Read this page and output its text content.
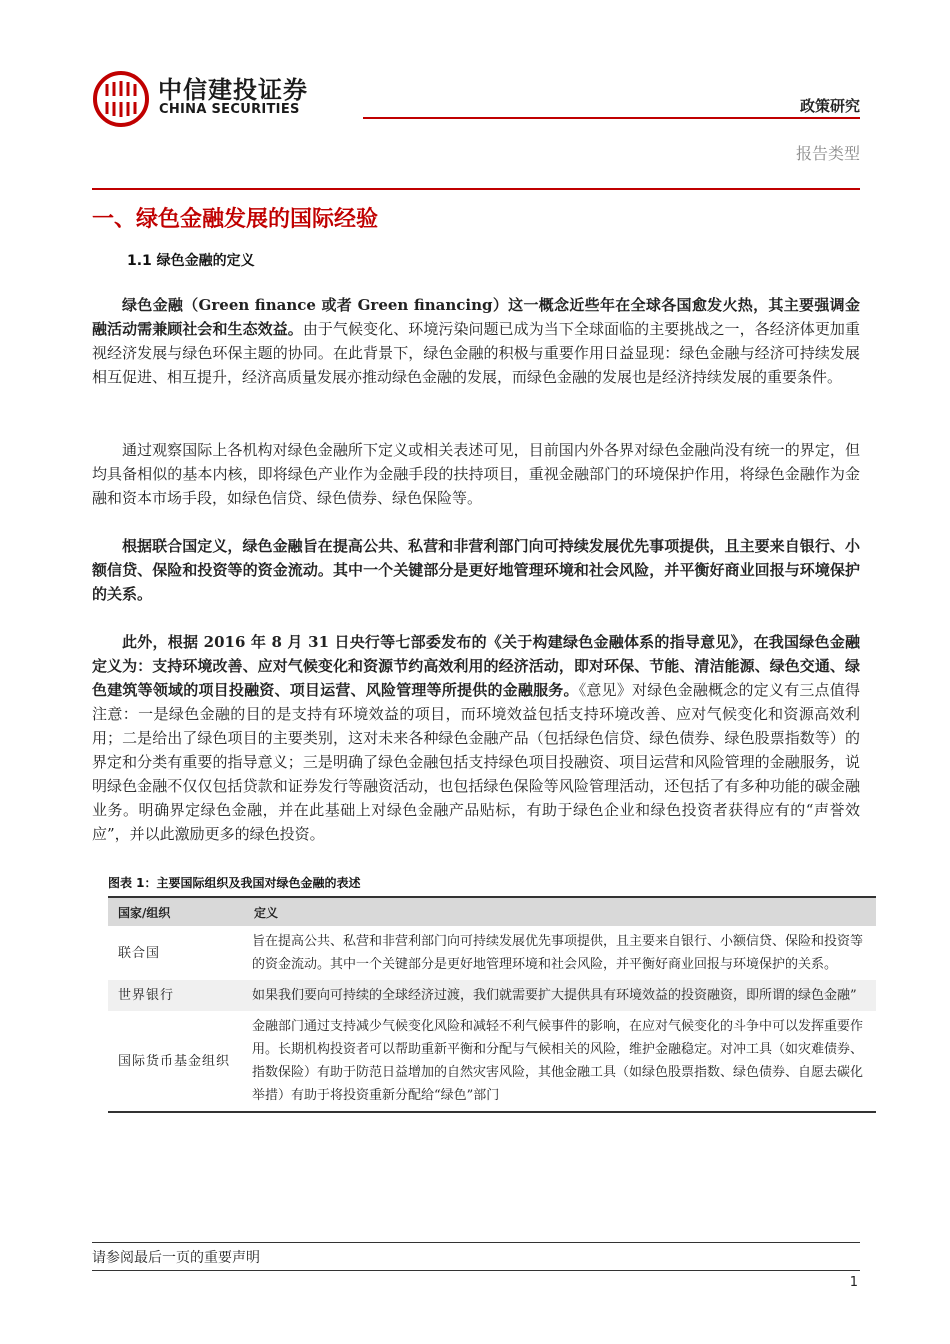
中信建投证券
CHINA SECURITIES	政策研究
报告类型
一、绿色金融发展的国际经验
1.1 绿色金融的定义

绿色金融（Green finance 或者 Green financing）这一概念近些年在全球各国愈发火热，其主要强调金融活动需兼顾社会和生态效益。由于气候变化、环境污染问题已成为当下全球面临的主要挑战之一，各经济体更加重视经济发展与绿色环保主题的协同。在此背景下，绿色金融的积极与重要作用日益显现：绿色金融与经济可持续发展相互促进、相互提升，经济高质量发展亦推动绿色金融的发展，而绿色金融的发展也是经济持续发展的重要条件。

通过观察国际上各机构对绿色金融所下定义或相关表述可见，目前国内外各界对绿色金融尚没有统一的界定，但均具备相似的基本内核，即将绿色产业作为金融手段的扶持项目，重视金融部门的环境保护作用，将绿色金融作为金融和资本市场手段，如绿色信贷、绿色债券、绿色保险等。

根据联合国定义，绿色金融旨在提高公共、私营和非营利部门向可持续发展优先事项提供，且主要来自银行、小额信贷、保险和投资等的资金流动。其中一个关键部分是更好地管理环境和社会风险，并平衡好商业回报与环境保护的关系。

此外，根据 2016 年 8 月 31 日央行等七部委发布的《关于构建绿色金融体系的指导意见》，在我国绿色金融定义为：支持环境改善、应对气候变化和资源节约高效利用的经济活动，即对环保、节能、清洁能源、绿色交通、绿色建筑等领域的项目投融资、项目运营、风险管理等所提供的金融服务。《意见》对绿色金融概念的定义有三点值得注意：一是绿色金融的目的是支持有环境效益的项目，而环境效益包括支持环境改善、应对气候变化和资源高效利用；二是给出了绿色项目的主要类别，这对未来各种绿色金融产品（包括绿色信贷、绿色债券、绿色股票指数等）的界定和分类有重要的指导意义；三是明确了绿色金融包括支持绿色项目投融资、项目运营和风险管理的金融服务，说明绿色金融不仅仅包括贷款和证券发行等融资活动，也包括绿色保险等风险管理活动，还包括了有多种功能的碳金融业务。明确界定绿色金融，并在此基础上对绿色金融产品贴标，有助于绿色企业和绿色投资者获得应有的“声誉效应”，并以此激励更多的绿色投资。

图表 1：主要国际组织及我国对绿色金融的表述
国家/组织	定义
联合国	旨在提高公共、私营和非营利部门向可持续发展优先事项提供，且主要来自银行、小额信贷、保险和投资等的资金流动。其中一个关键部分是更好地管理环境和社会风险，并平衡好商业回报与环境保护的关系。
世界银行	如果我们要向可持续的全球经济过渡，我们就需要扩大提供具有环境效益的投资融资，即所谓的绿色金融”
国际货币基金组织	金融部门通过支持减少气候变化风险和减轻不利气候事件的影响，在应对气候变化的斗争中可以发挥重要作用。长期机构投资者可以帮助重新平衡和分配与气候相关的风险，维护金融稳定。对冲工具（如灾难债券、指数保险）有助于防范日益增加的自然灾害风险，其他金融工具（如绿色股票指数、绿色债券、自愿去碳化举措）有助于将投资重新分配给“绿色”部门
请参阅最后一页的重要声明
1
